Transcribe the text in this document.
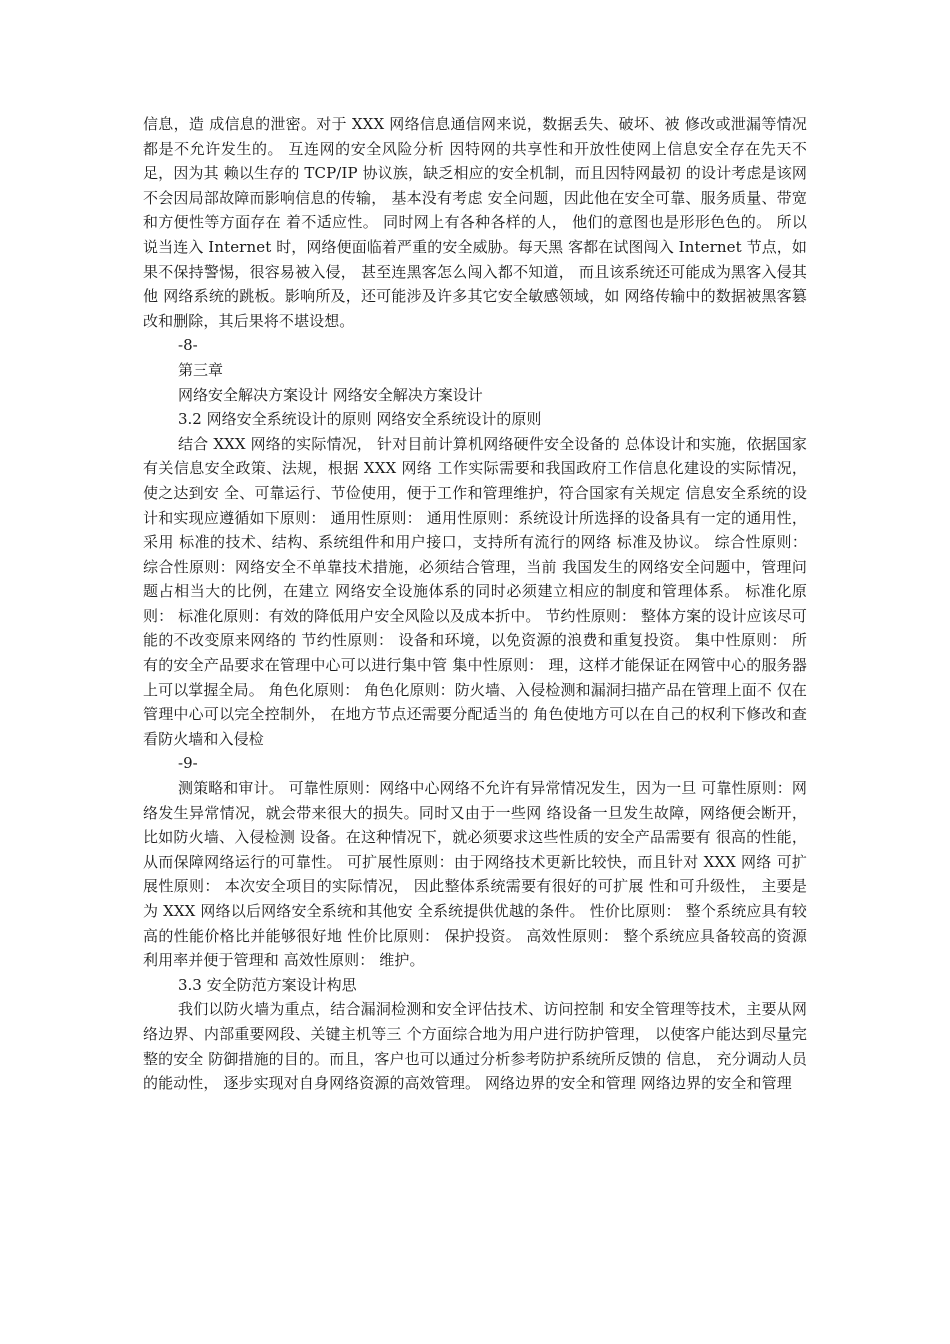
信息，造 成信息的泄密。对于 XXX 网络信息通信网来说，数据丢失、破坏、被 修改或泄漏等情况都是不允许发生的。 互连网的安全风险分析 因特网的共享性和开放性使网上信息安全存在先天不足，因为其 赖以生存的 TCP/IP 协议族，缺乏相应的安全机制，而且因特网最初 的设计考虑是该网不会因局部故障而影响信息的传输， 基本没有考虑 安全问题，因此他在安全可靠、服务质量、带宽和方便性等方面存在 着不适应性。 同时网上有各种各样的人， 他们的意图也是形形色色的。 所以说当连入 Internet 时，网络便面临着严重的安全威胁。每天黑 客都在试图闯入 Internet 节点，如果不保持警惕，很容易被入侵， 甚至连黑客怎么闯入都不知道， 而且该系统还可能成为黑客入侵其他 网络系统的跳板。影响所及，还可能涉及许多其它安全敏感领域，如 网络传输中的数据被黑客篡改和删除，其后果将不堪设想。

-8-

第三章

网络安全解决方案设计 网络安全解决方案设计

3.2 网络安全系统设计的原则 网络安全系统设计的原则

结合 XXX 网络的实际情况， 针对目前计算机网络硬件安全设备的 总体设计和实施，依据国家有关信息安全政策、法规，根据 XXX 网络 工作实际需要和我国政府工作信息化建设的实际情况，使之达到安 全、可靠运行、节俭使用，便于工作和管理维护，符合国家有关规定 信息安全系统的设计和实现应遵循如下原则： 通用性原则： 通用性原则：系统设计所选择的设备具有一定的通用性，采用 标准的技术、结构、系统组件和用户接口，支持所有流行的网络 标准及协议。 综合性原则： 综合性原则：网络安全不单靠技术措施，必须结合管理，当前 我国发生的网络安全问题中，管理问题占相当大的比例，在建立 网络安全设施体系的同时必须建立相应的制度和管理体系。 标准化原则： 标准化原则：有效的降低用户安全风险以及成本折中。 节约性原则： 整体方案的设计应该尽可能的不改变原来网络的 节约性原则： 设备和环境，以免资源的浪费和重复投资。 集中性原则： 所有的安全产品要求在管理中心可以进行集中管 集中性原则： 理，这样才能保证在网管中心的服务器上可以掌握全局。 角色化原则： 角色化原则：防火墙、入侵检测和漏洞扫描产品在管理上面不 仅在管理中心可以完全控制外， 在地方节点还需要分配适当的 角色使地方可以在自己的权利下修改和查看防火墙和入侵检

-9-

测策略和审计。 可靠性原则：网络中心网络不允许有异常情况发生，因为一旦 可靠性原则：网络发生异常情况，就会带来很大的损失。同时又由于一些网 络设备一旦发生故障，网络便会断开，比如防火墙、入侵检测 设备。在这种情况下，就必须要求这些性质的安全产品需要有 很高的性能，从而保障网络运行的可靠性。 可扩展性原则：由于网络技术更新比较快，而且针对 XXX 网络 可扩展性原则： 本次安全项目的实际情况， 因此整体系统需要有很好的可扩展 性和可升级性， 主要是为 XXX 网络以后网络安全系统和其他安 全系统提供优越的条件。 性价比原则： 整个系统应具有较高的性能价格比并能够很好地 性价比原则： 保护投资。 高效性原则： 整个系统应具备较高的资源利用率并便于管理和 高效性原则： 维护。

3.3 安全防范方案设计构思

我们以防火墙为重点，结合漏洞检测和安全评估技术、访问控制 和安全管理等技术，主要从网络边界、内部重要网段、关键主机等三 个方面综合地为用户进行防护管理， 以使客户能达到尽量完整的安全 防御措施的目的。而且，客户也可以通过分析参考防护系统所反馈的 信息， 充分调动人员的能动性， 逐步实现对自身网络资源的高效管理。 网络边界的安全和管理 网络边界的安全和管理
